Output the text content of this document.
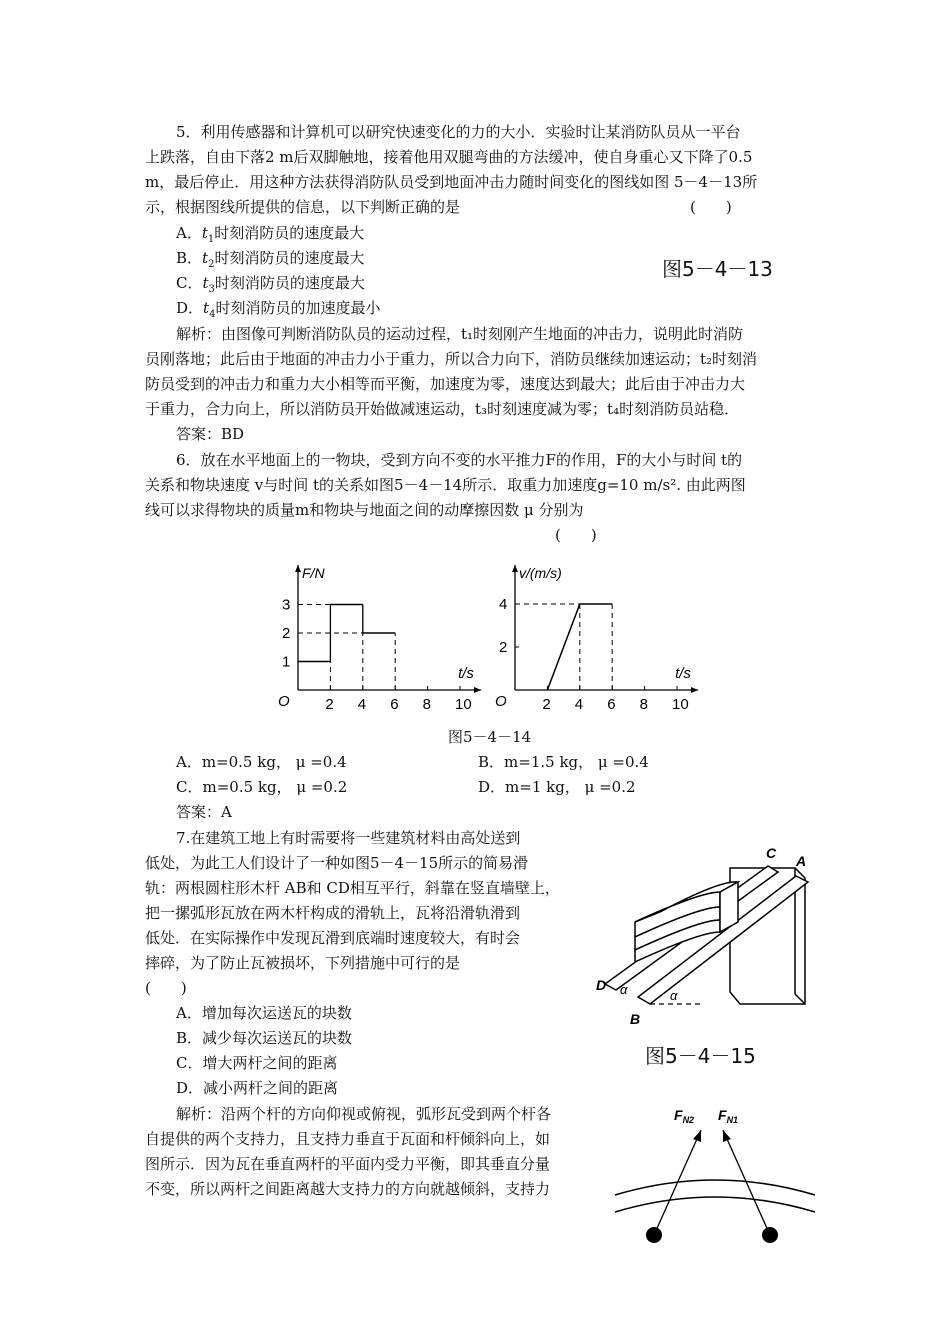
5．利用传感器和计算机可以研究快速变化的力的大小．实验时让某消防队员从一平台
上跌落，自由下落2 m后双脚触地，接着他用双腿弯曲的方法缓冲，使自身重心又下降了0.5
m，最后停止．用这种方法获得消防队员受到地面冲击力随时间变化的图线如图 5－4－13所
示，根据图线所提供的信息，以下判断正确的是	(　　)
A．$t_1$时刻消防员的速度最大
B．$t_2$时刻消防员的速度最大
C．$t_3$时刻消防员的速度最大
D．$t_4$时刻消防员的加速度最小
图5－4－13
解析：由图像可判断消防队员的运动过程，t₁时刻刚产生地面的冲击力，说明此时消防
员刚落地；此后由于地面的冲击力小于重力，所以合力向下，消防员继续加速运动；t₂时刻消
防员受到的冲击力和重力大小相等而平衡，加速度为零，速度达到最大；此后由于冲击力大
于重力，合力向上，所以消防员开始做减速运动，t₃时刻速度减为零；t₄时刻消防员站稳．
答案：BD
6．放在水平地面上的一物块，受到方向不变的水平推力F的作用，F的大小与时间 t的
关系和物块速度 v与时间 t的关系如图5－4－14所示．取重力加速度g=10 m/s². 由此两图
线可以求得物块的质量m和物块与地面之间的动摩擦因数 μ 分别为
(　　)
2 4 6 8 10
1
2
3
O
t/s
F/N
2 4 6 8 10
2
4
O
t/s
v/(m/s)
图5－4－14
A．m=0.5 kg， μ =0.4	B．m=1.5 kg， μ =0.4
C．m=0.5 kg， μ =0.2	D．m=1 kg， μ =0.2
答案：A
7.在建筑工地上有时需要将一些建筑材料由高处送到
低处，为此工人们设计了一种如图5－4－15所示的简易滑
轨：两根圆柱形木杆 AB和 CD相互平行，斜靠在竖直墙壁上，
把一摞弧形瓦放在两木杆构成的滑轨上，瓦将沿滑轨滑到
低处．在实际操作中发现瓦滑到底端时速度较大，有时会
摔碎，为了防止瓦被损坏，下列措施中可行的是
(　　)
A．增加每次运送瓦的块数
B．减少每次运送瓦的块数
C．增大两杆之间的距离
D．减小两杆之间的距离
解析：沿两个杆的方向仰视或俯视，弧形瓦受到两个杆各
自提供的两个支持力，且支持力垂直于瓦面和杆倾斜向上，如
图所示．因为瓦在垂直两杆的平面内受力平衡，即其垂直分量
不变，所以两杆之间距离越大支持力的方向就越倾斜，支持力
C A
D
B
α	α
图5－4－15
$F_{N2}$ $F_{N1}$
